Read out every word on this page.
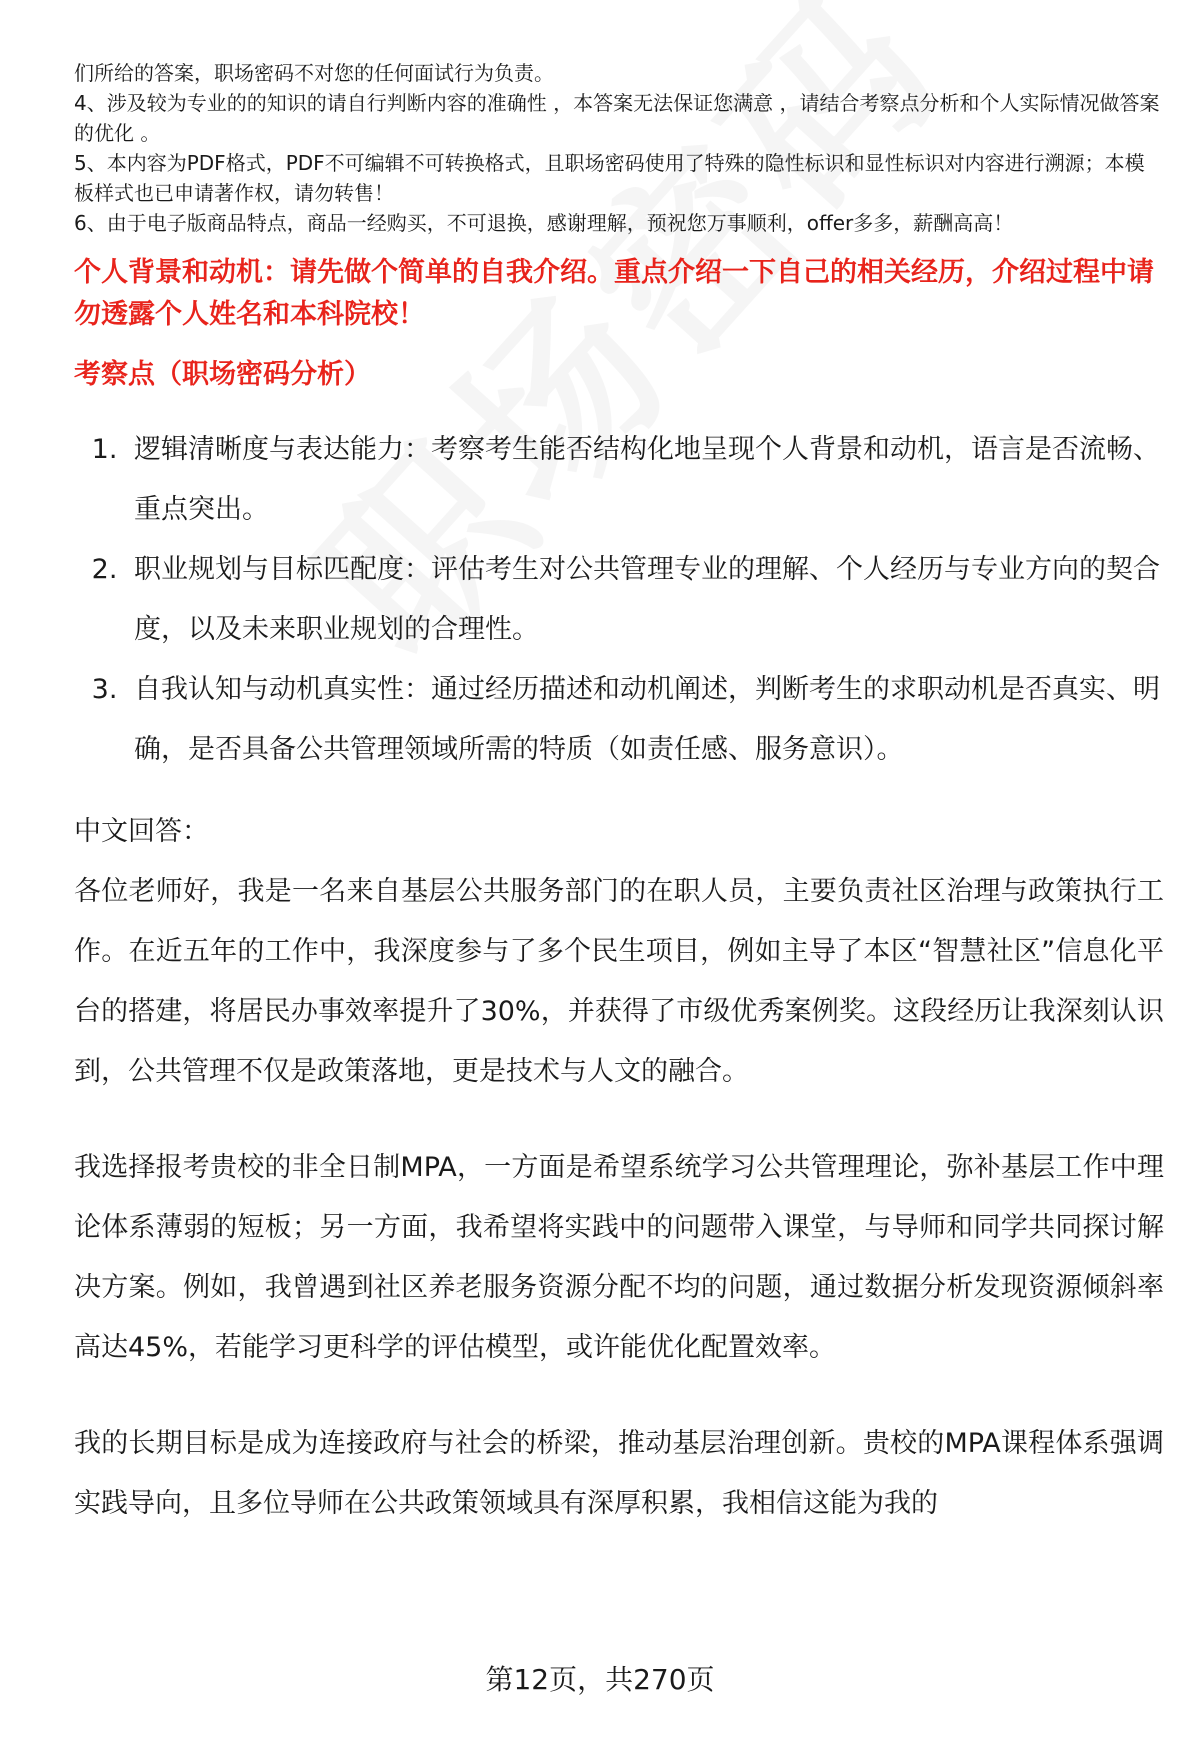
们所给的答案，职场密码不对您的任何面试行为负责。
4、涉及较为专业的的知识的请自行判断内容的准确性 ，本答案无法保证您满意 ，请结合考察点分析和个人实际情况做答案的优化 。
5、本内容为PDF格式，PDF不可编辑不可转换格式，且职场密码使用了特殊的隐性标识和显性标识对内容进行溯源；本模板样式也已申请著作权，请勿转售！
6、由于电子版商品特点，商品一经购买，不可退换，感谢理解，预祝您万事顺利，offer多多，薪酬高高！
个人背景和动机：请先做个简单的自我介绍。重点介绍一下自己的相关经历，介绍过程中请勿透露个人姓名和本科院校！
考察点（职场密码分析）
1. 逻辑清晰度与表达能力：考察考生能否结构化地呈现个人背景和动机，语言是否流畅、重点突出。
2. 职业规划与目标匹配度：评估考生对公共管理专业的理解、个人经历与专业方向的契合度，以及未来职业规划的合理性。
3. 自我认知与动机真实性：通过经历描述和动机阐述，判断考生的求职动机是否真实、明确，是否具备公共管理领域所需的特质（如责任感、服务意识）。
中文回答：
各位老师好，我是一名来自基层公共服务部门的在职人员，主要负责社区治理与政策执行工作。在近五年的工作中，我深度参与了多个民生项目，例如主导了本区“智慧社区”信息化平台的搭建，将居民办事效率提升了30%，并获得了市级优秀案例奖。这段经历让我深刻认识到，公共管理不仅是政策落地，更是技术与人文的融合。
我选择报考贵校的非全日制MPA，一方面是希望系统学习公共管理理论，弥补基层工作中理论体系薄弱的短板；另一方面，我希望将实践中的问题带入课堂，与导师和同学共同探讨解决方案。例如，我曾遇到社区养老服务资源分配不均的问题，通过数据分析发现资源倾斜率高达45%，若能学习更科学的评估模型，或许能优化配置效率。
我的长期目标是成为连接政府与社会的桥梁，推动基层治理创新。贵校的MPA课程体系强调实践导向，且多位导师在公共政策领域具有深厚积累，我相信这能为我的
第12页，共270页
